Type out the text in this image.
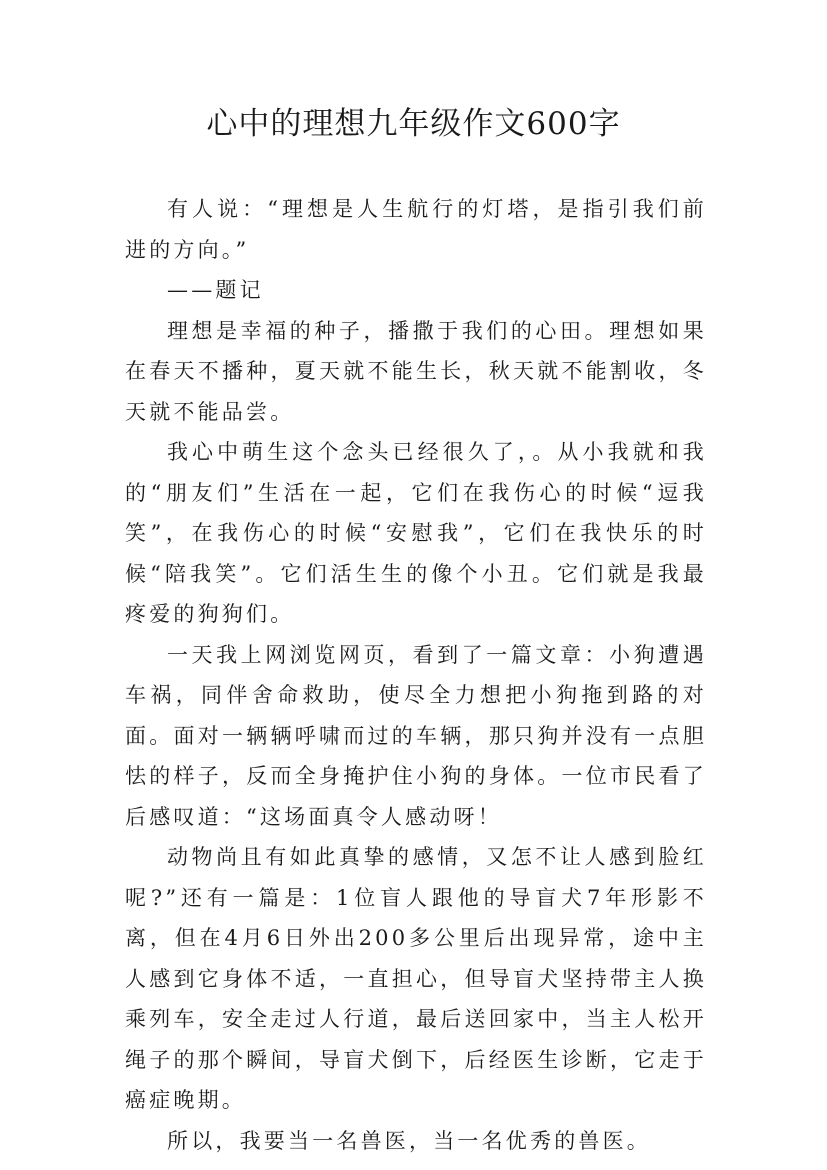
心中的理想九年级作文600字

有人说：“理想是人生航行的灯塔，是指引我们前进的方向。”

——题记

理想是幸福的种子，播撒于我们的心田。理想如果在春天不播种，夏天就不能生长，秋天就不能割收，冬天就不能品尝。

我心中萌生这个念头已经很久了，。从小我就和我的“朋友们”生活在一起，它们在我伤心的时候“逗我笑”，在我伤心的时候“安慰我”，它们在我快乐的时候“陪我笑”。它们活生生的像个小丑。它们就是我最疼爱的狗狗们。

一天我上网浏览网页，看到了一篇文章：小狗遭遇车祸，同伴舍命救助，使尽全力想把小狗拖到路的对面。面对一辆辆呼啸而过的车辆，那只狗并没有一点胆怯的样子，反而全身掩护住小狗的身体。一位市民看了后感叹道：“这场面真令人感动呀！

动物尚且有如此真挚的感情，又怎不让人感到脸红呢?”还有一篇是：1位盲人跟他的导盲犬7年形影不离，但在4月6日外出200多公里后出现异常，途中主人感到它身体不适，一直担心，但导盲犬坚持带主人换乘列车，安全走过人行道，最后送回家中，当主人松开绳子的那个瞬间，导盲犬倒下，后经医生诊断，它走于癌症晚期。

所以，我要当一名兽医，当一名优秀的兽医。
